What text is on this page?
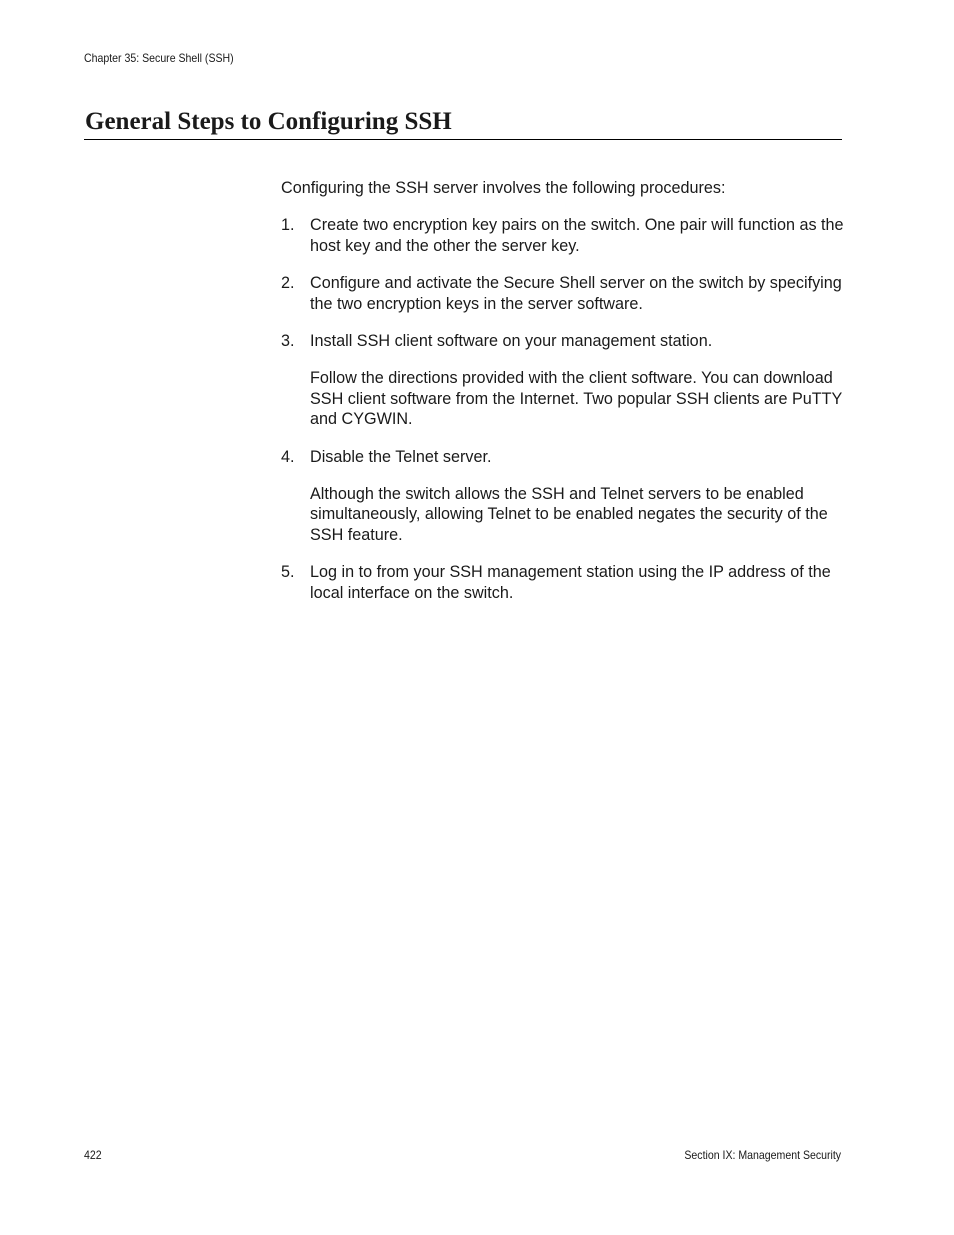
Chapter 35: Secure Shell (SSH)
General Steps to Configuring SSH

Configuring the SSH server involves the following procedures:

1. Create two encryption key pairs on the switch. One pair will function as the host key and the other the server key.

2. Configure and activate the Secure Shell server on the switch by specifying the two encryption keys in the server software.

3. Install SSH client software on your management station.

Follow the directions provided with the client software. You can download SSH client software from the Internet. Two popular SSH clients are PuTTY and CYGWIN.

4. Disable the Telnet server.

Although the switch allows the SSH and Telnet servers to be enabled simultaneously, allowing Telnet to be enabled negates the security of the SSH feature.

5. Log in to from your SSH management station using the IP address of the local interface on the switch.

422	Section IX: Management Security
